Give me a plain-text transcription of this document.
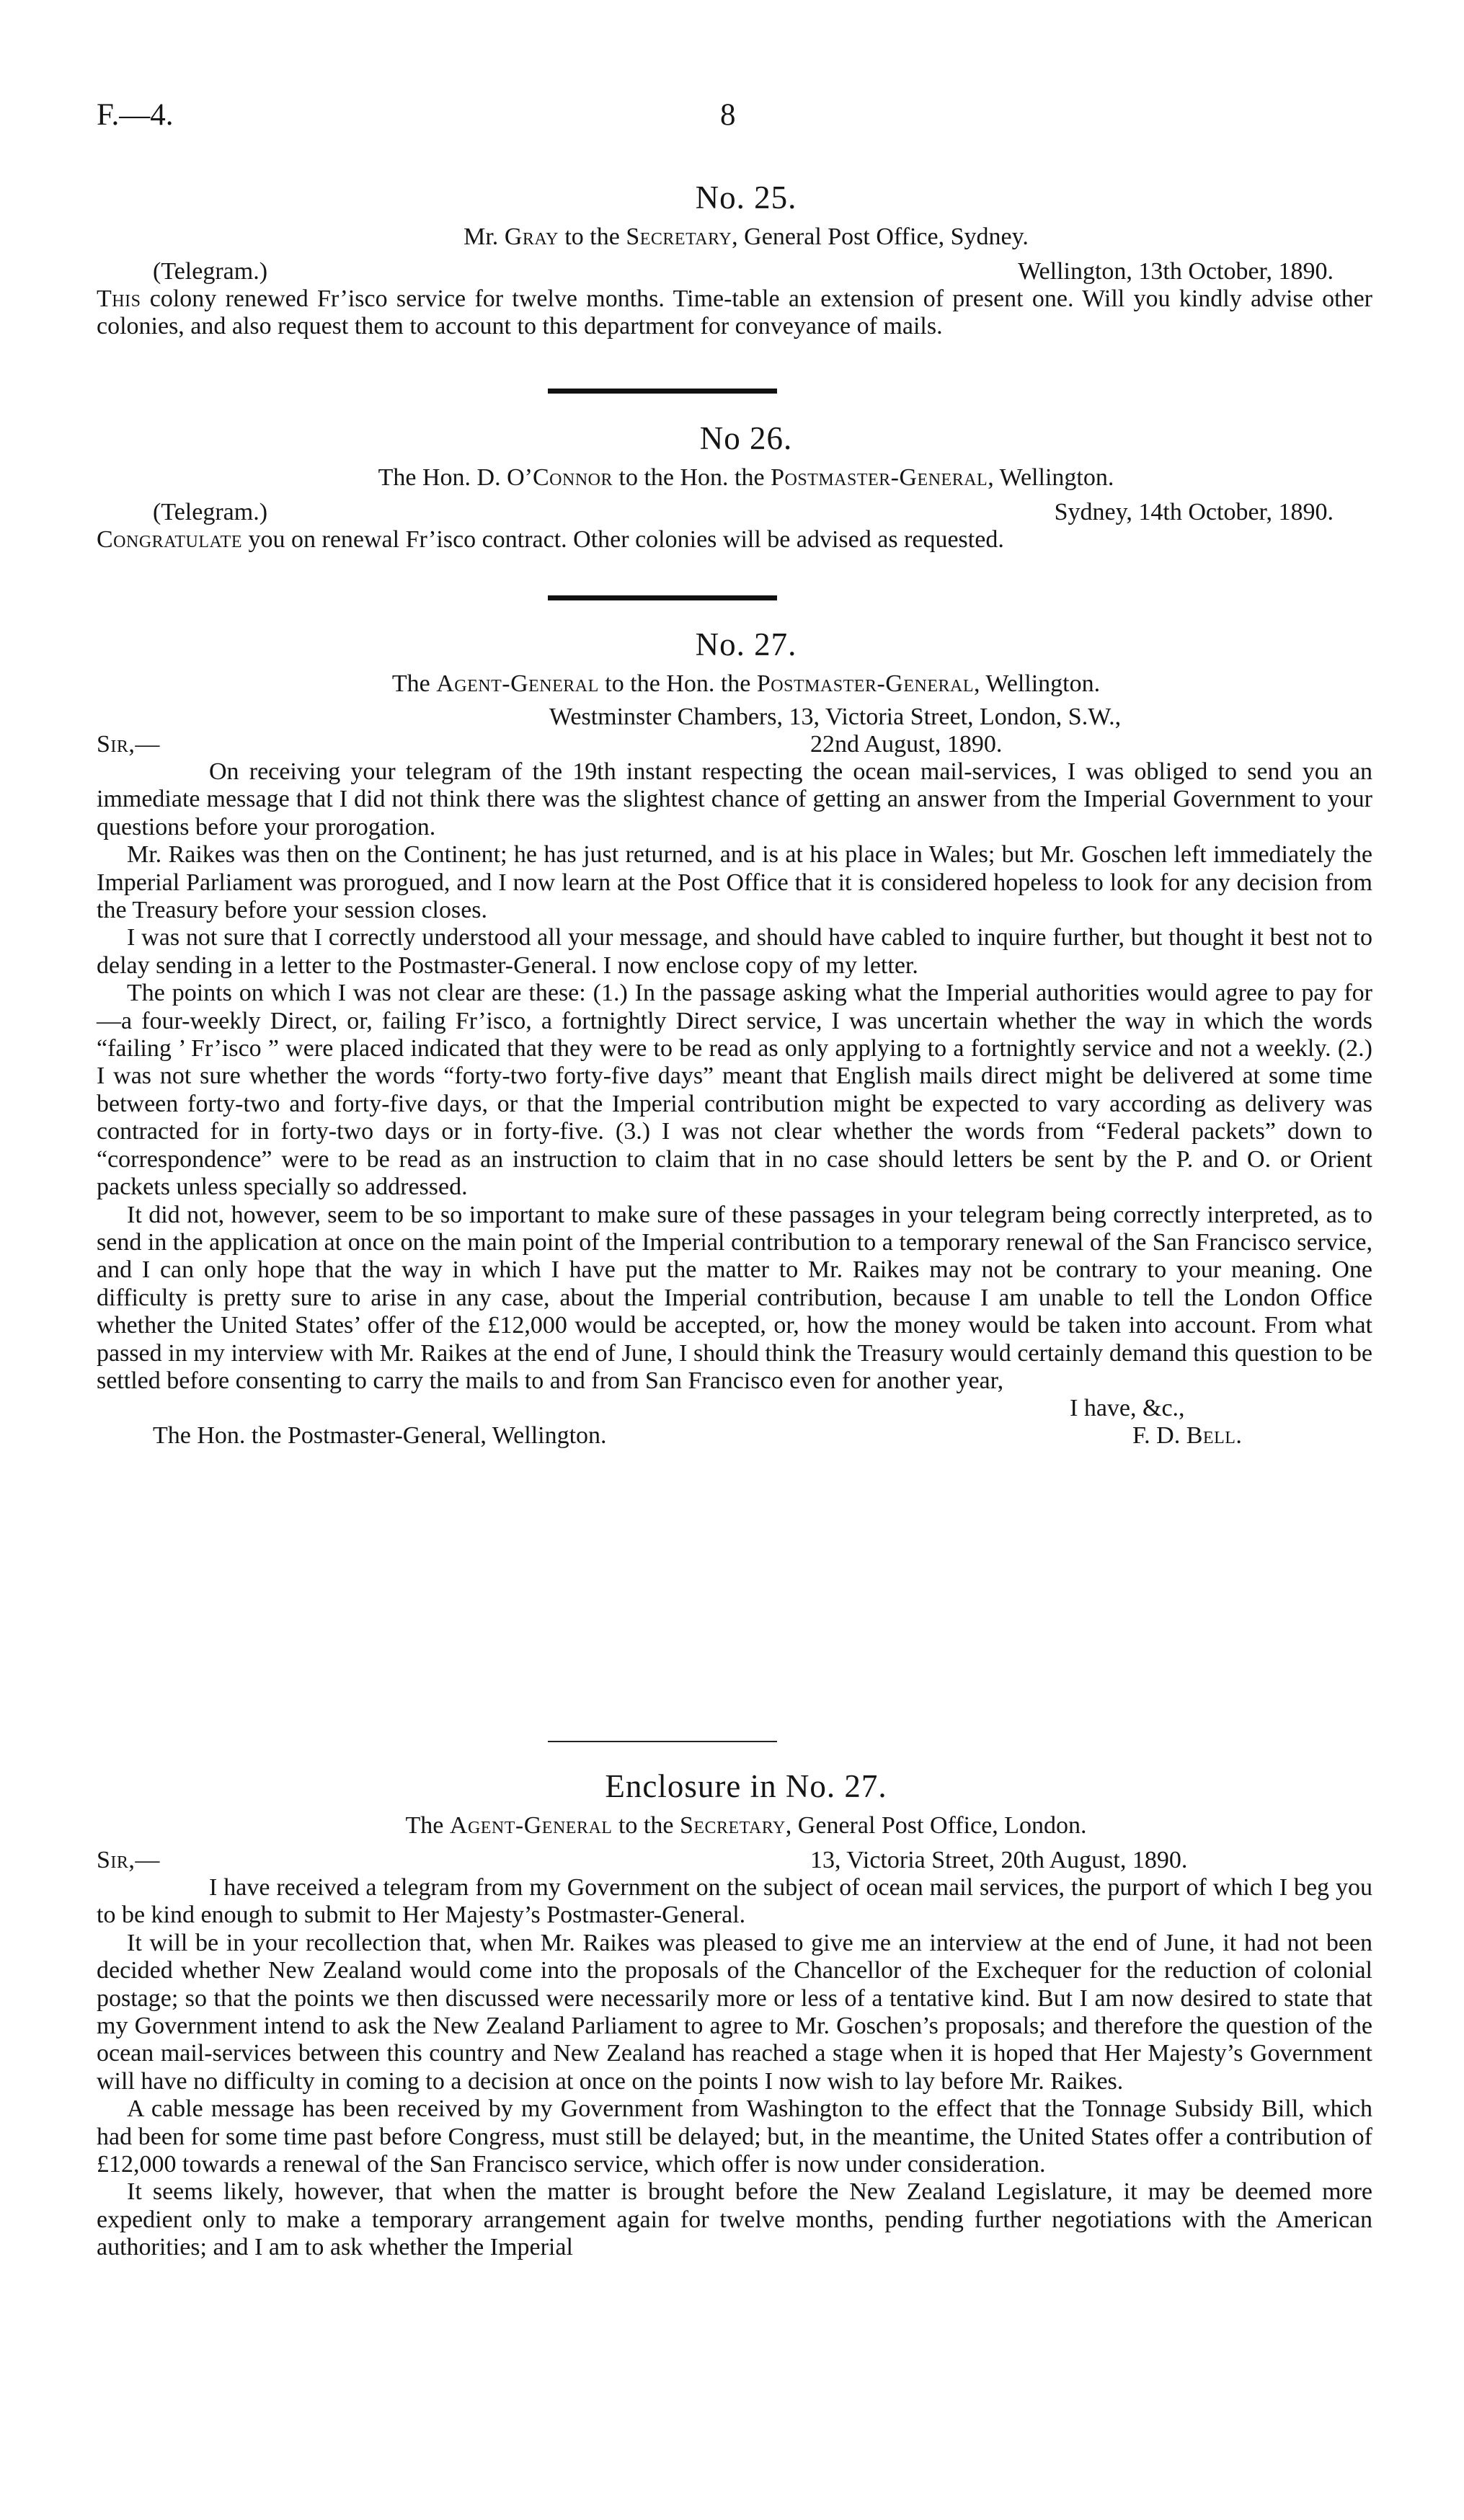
F.—4.	8
No. 25.
Mr. Gray to the Secretary, General Post Office, Sydney.
(Telegram.)	Wellington, 13th October, 1890.

This colony renewed Fr’isco service for twelve months. Time-table an extension of present one. Will you kindly advise other colonies, and also request them to account to this department for conveyance of mails.

No 26.
The Hon. D. O’Connor to the Hon. the Postmaster-General, Wellington.
(Telegram.)	Sydney, 14th October, 1890.

Congratulate you on renewal Fr’isco contract. Other colonies will be advised as requested.

No. 27.
The Agent-General to the Hon. the Postmaster-General, Wellington.
Westminster Chambers, 13, Victoria Street, London, S.W.,
Sir,—	22nd August, 1890.

On receiving your telegram of the 19th instant respecting the ocean mail-services, I was obliged to send you an immediate message that I did not think there was the slightest chance of getting an answer from the Imperial Government to your questions before your prorogation.

Mr. Raikes was then on the Continent; he has just returned, and is at his place in Wales; but Mr. Goschen left immediately the Imperial Parliament was prorogued, and I now learn at the Post Office that it is considered hopeless to look for any decision from the Treasury before your session closes.

I was not sure that I correctly understood all your message, and should have cabled to inquire further, but thought it best not to delay sending in a letter to the Postmaster-General. I now enclose copy of my letter.

The points on which I was not clear are these: (1.) In the passage asking what the Imperial authorities would agree to pay for—a four-weekly Direct, or, failing Fr’isco, a fortnightly Direct service, I was uncertain whether the way in which the words “failing ’ Fr’isco ” were placed indicated that they were to be read as only applying to a fortnightly service and not a weekly. (2.) I was not sure whether the words “forty-two forty-five days” meant that English mails direct might be delivered at some time between forty-two and forty-five days, or that the Imperial contribution might be expected to vary according as delivery was contracted for in forty-two days or in forty-five. (3.) I was not clear whether the words from “Federal packets” down to “correspondence” were to be read as an instruction to claim that in no case should letters be sent by the P. and O. or Orient packets unless specially so addressed.

It did not, however, seem to be so important to make sure of these passages in your telegram being correctly interpreted, as to send in the application at once on the main point of the Imperial contribution to a temporary renewal of the San Francisco service, and I can only hope that the way in which I have put the matter to Mr. Raikes may not be contrary to your meaning. One difficulty is pretty sure to arise in any case, about the Imperial contribution, because I am unable to tell the London Office whether the United States’ offer of the £12,000 would be accepted, or, how the money would be taken into account. From what passed in my interview with Mr. Raikes at the end of June, I should think the Treasury would certainly demand this question to be settled before consenting to carry the mails to and from San Francisco even for another year,

I have, &c.,
The Hon. the Postmaster-General, Wellington.	F. D. Bell.
Enclosure in No. 27.
The Agent-General to the Secretary, General Post Office, London.
Sir,—	13, Victoria Street, 20th August, 1890.

I have received a telegram from my Government on the subject of ocean mail services, the purport of which I beg you to be kind enough to submit to Her Majesty’s Postmaster-General.

It will be in your recollection that, when Mr. Raikes was pleased to give me an interview at the end of June, it had not been decided whether New Zealand would come into the proposals of the Chancellor of the Exchequer for the reduction of colonial postage; so that the points we then discussed were necessarily more or less of a tentative kind. But I am now desired to state that my Government intend to ask the New Zealand Parliament to agree to Mr. Goschen’s proposals; and therefore the question of the ocean mail-services between this country and New Zealand has reached a stage when it is hoped that Her Majesty’s Government will have no difficulty in coming to a decision at once on the points I now wish to lay before Mr. Raikes.

A cable message has been received by my Government from Washington to the effect that the Tonnage Subsidy Bill, which had been for some time past before Congress, must still be delayed; but, in the meantime, the United States offer a contribution of £12,000 towards a renewal of the San Francisco service, which offer is now under consideration.

It seems likely, however, that when the matter is brought before the New Zealand Legislature, it may be deemed more expedient only to make a temporary arrangement again for twelve months, pending further negotiations with the American authorities; and I am to ask whether the Imperial
